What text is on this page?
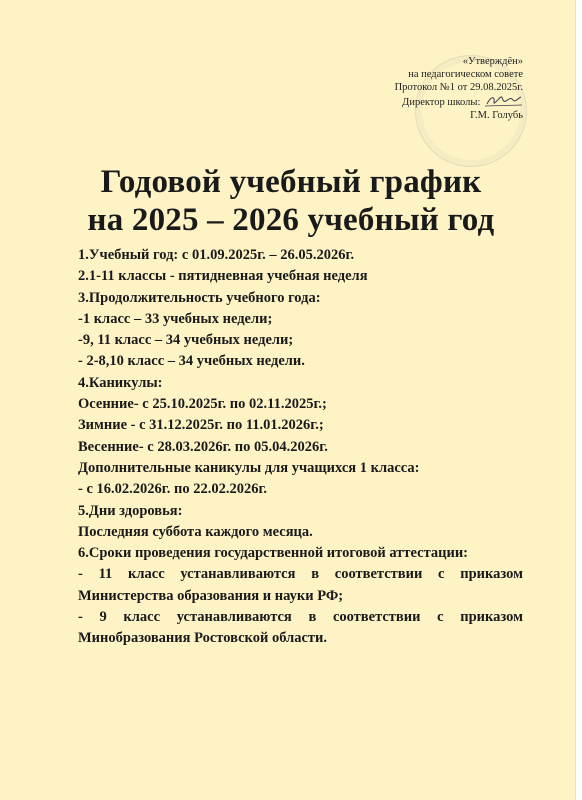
«Утверждён»
на педагогическом совете
Протокол №1 от 29.08.2025г.
Директор школы:
Г.М. Голубь
Годовой учебный график
на 2025 – 2026 учебный год
1.Учебный год: с 01.09.2025г. – 26.05.2026г.
2.1-11 классы - пятидневная учебная неделя
3.Продолжительность учебного года:
-1 класс – 33 учебных недели;
-9, 11 класс – 34 учебных недели;
- 2-8,10 класс – 34 учебных недели.
4.Каникулы:
Осенние- с 25.10.2025г. по 02.11.2025г.;
Зимние - с 31.12.2025г. по 11.01.2026г.;
Весенние- с 28.03.2026г. по 05.04.2026г.
Дополнительные каникулы для учащихся 1 класса:
- с 16.02.2026г. по 22.02.2026г.
5.Дни здоровья:
Последняя суббота каждого месяца.
6.Сроки проведения государственной итоговой аттестации:
- 11 класс устанавливаются в соответствии с приказом Министерства образования и науки РФ;
- 9 класс устанавливаются в соответствии с приказом Минобразования Ростовской области.
